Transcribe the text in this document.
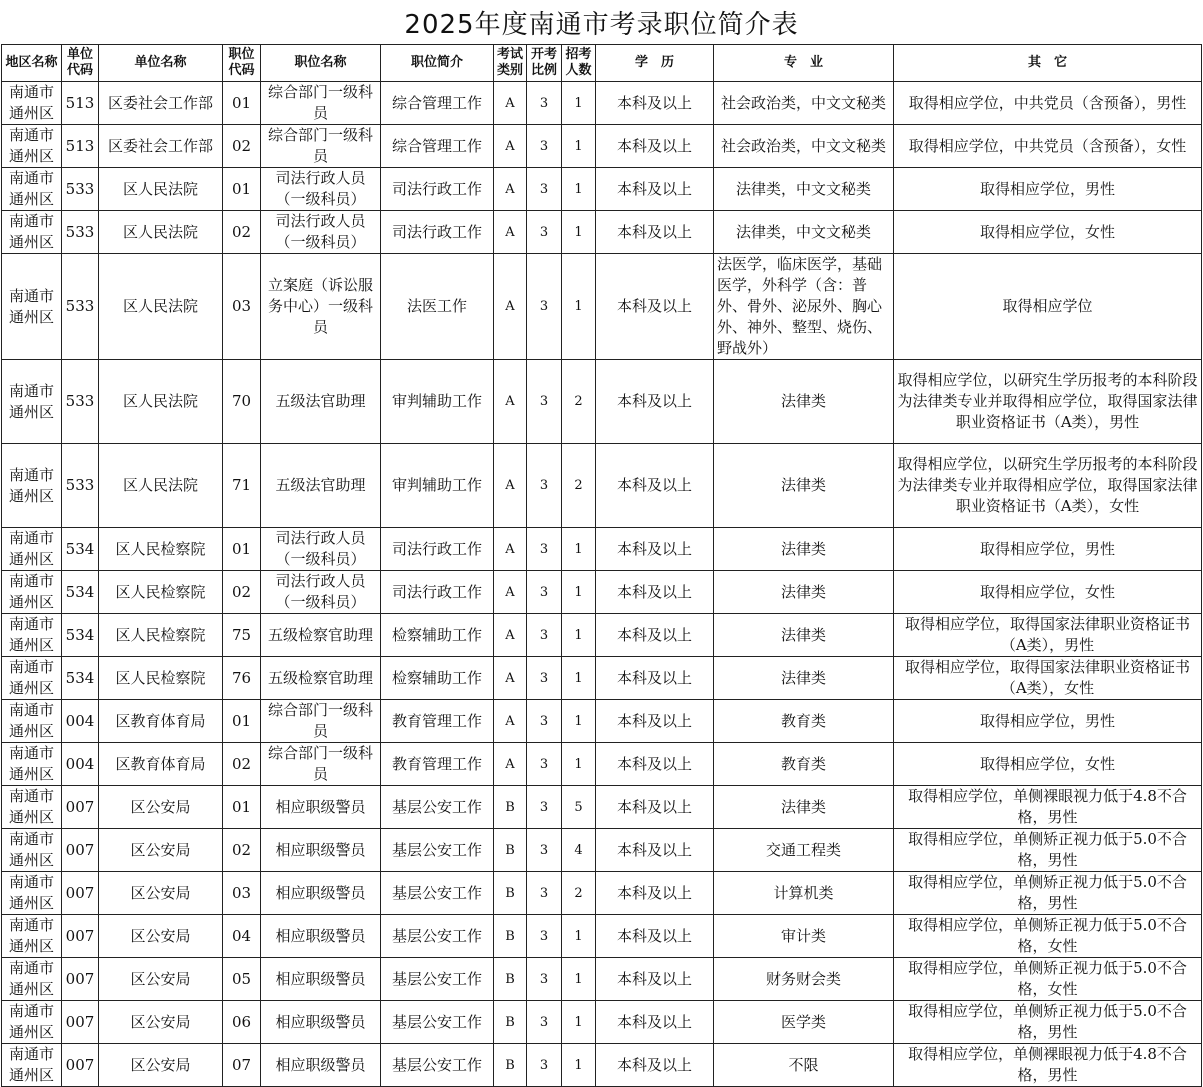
2025年度南通市考录职位简介表
地区名称	单位代码	单位名称	职位代码	职位名称	职位简介	考试类别	开考比例	招考人数	学　历	专　业	其　它
南通市通州区	513	区委社会工作部	01	综合部门一级科员	综合管理工作	A	3	1	本科及以上	社会政治类，中文文秘类	取得相应学位，中共党员（含预备），男性
南通市通州区	513	区委社会工作部	02	综合部门一级科员	综合管理工作	A	3	1	本科及以上	社会政治类，中文文秘类	取得相应学位，中共党员（含预备），女性
南通市通州区	533	区人民法院	01	司法行政人员（一级科员）	司法行政工作	A	3	1	本科及以上	法律类，中文文秘类	取得相应学位，男性
南通市通州区	533	区人民法院	02	司法行政人员（一级科员）	司法行政工作	A	3	1	本科及以上	法律类，中文文秘类	取得相应学位，女性
南通市通州区	533	区人民法院	03	立案庭（诉讼服务中心）一级科员	法医工作	A	3	1	本科及以上	法医学，临床医学，基础医学，外科学（含：普外、骨外、泌尿外、胸心外、神外、整型、烧伤、野战外）	取得相应学位
南通市通州区	533	区人民法院	70	五级法官助理	审判辅助工作	A	3	2	本科及以上	法律类	取得相应学位，以研究生学历报考的本科阶段为法律类专业并取得相应学位，取得国家法律职业资格证书（A类），男性
南通市通州区	533	区人民法院	71	五级法官助理	审判辅助工作	A	3	2	本科及以上	法律类	取得相应学位，以研究生学历报考的本科阶段为法律类专业并取得相应学位，取得国家法律职业资格证书（A类），女性
南通市通州区	534	区人民检察院	01	司法行政人员（一级科员）	司法行政工作	A	3	1	本科及以上	法律类	取得相应学位，男性
南通市通州区	534	区人民检察院	02	司法行政人员（一级科员）	司法行政工作	A	3	1	本科及以上	法律类	取得相应学位，女性
南通市通州区	534	区人民检察院	75	五级检察官助理	检察辅助工作	A	3	1	本科及以上	法律类	取得相应学位，取得国家法律职业资格证书（A类），男性
南通市通州区	534	区人民检察院	76	五级检察官助理	检察辅助工作	A	3	1	本科及以上	法律类	取得相应学位，取得国家法律职业资格证书（A类），女性
南通市通州区	004	区教育体育局	01	综合部门一级科员	教育管理工作	A	3	1	本科及以上	教育类	取得相应学位，男性
南通市通州区	004	区教育体育局	02	综合部门一级科员	教育管理工作	A	3	1	本科及以上	教育类	取得相应学位，女性
南通市通州区	007	区公安局	01	相应职级警员	基层公安工作	B	3	5	本科及以上	法律类	取得相应学位，单侧裸眼视力低于4.8不合格，男性
南通市通州区	007	区公安局	02	相应职级警员	基层公安工作	B	3	4	本科及以上	交通工程类	取得相应学位，单侧矫正视力低于5.0不合格，男性
南通市通州区	007	区公安局	03	相应职级警员	基层公安工作	B	3	2	本科及以上	计算机类	取得相应学位，单侧矫正视力低于5.0不合格，男性
南通市通州区	007	区公安局	04	相应职级警员	基层公安工作	B	3	1	本科及以上	审计类	取得相应学位，单侧矫正视力低于5.0不合格，女性
南通市通州区	007	区公安局	05	相应职级警员	基层公安工作	B	3	1	本科及以上	财务财会类	取得相应学位，单侧矫正视力低于5.0不合格，女性
南通市通州区	007	区公安局	06	相应职级警员	基层公安工作	B	3	1	本科及以上	医学类	取得相应学位，单侧矫正视力低于5.0不合格，男性
南通市通州区	007	区公安局	07	相应职级警员	基层公安工作	B	3	1	本科及以上	不限	取得相应学位，单侧裸眼视力低于4.8不合格，男性
